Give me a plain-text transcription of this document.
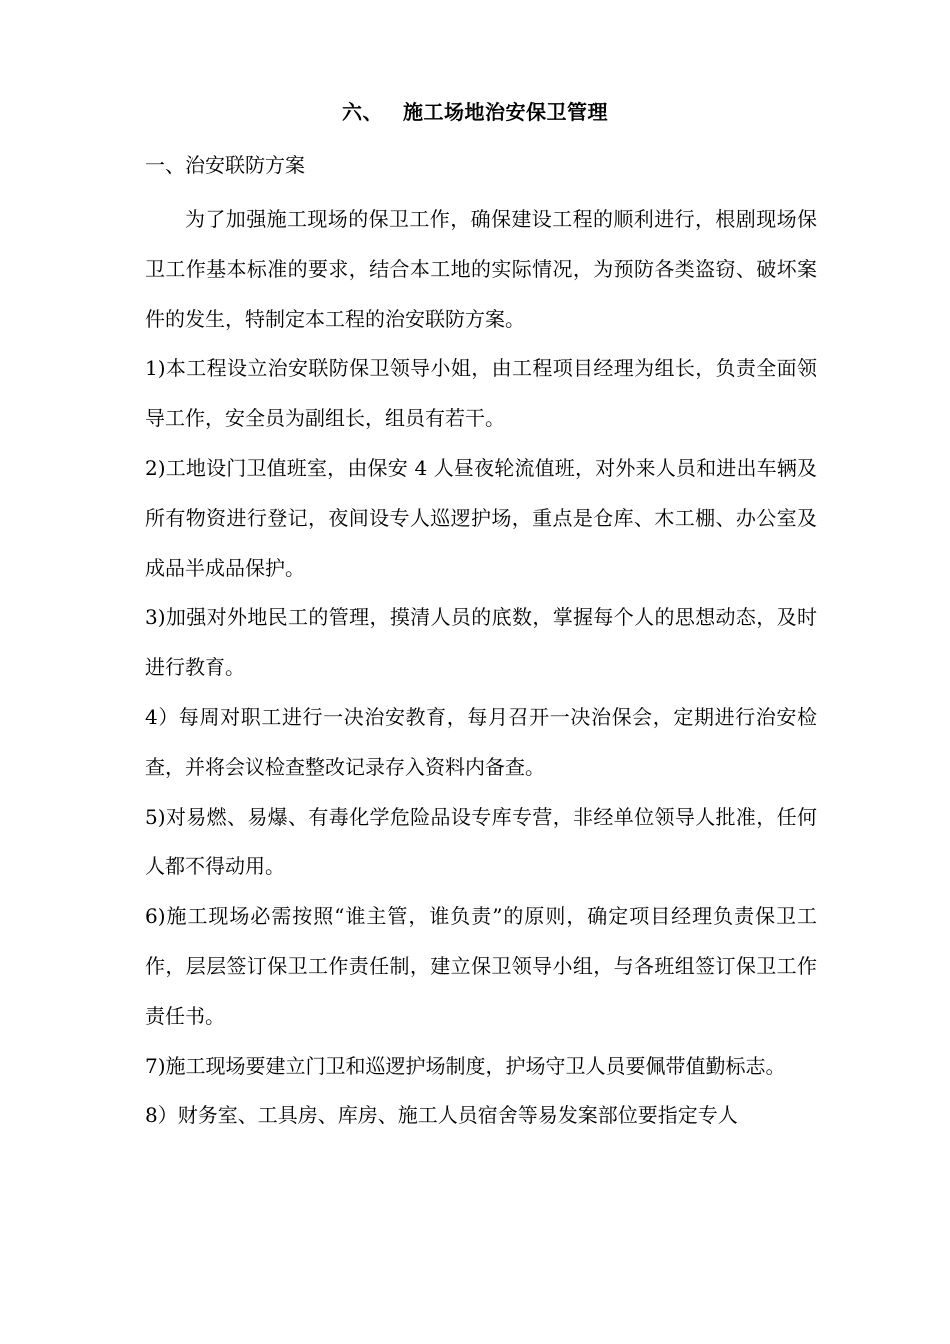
六、 施工场地治安保卫管理
一、治安联防方案

为了加强施工现场的保卫工作，确保建设工程的顺利进行，根剧现场保卫工作基本标准的要求，结合本工地的实际情况，为预防各类盗窃、破坏案件的发生，特制定本工程的治安联防方案。

1)本工程设立治安联防保卫领导小姐，由工程项目经理为组长，负责全面领导工作，安全员为副组长，组员有若干。

2)工地设门卫值班室，由保安 4 人昼夜轮流值班，对外来人员和进出车辆及所有物资进行登记，夜间设专人巡逻护场，重点是仓库、木工棚、办公室及成品半成品保护。

3)加强对外地民工的管理，摸清人员的底数，掌握每个人的思想动态，及时进行教育。

4）每周对职工进行一决治安教育，每月召开一决治保会，定期进行治安检查，并将会议检查整改记录存入资料内备查。

5)对易燃、易爆、有毒化学危险品设专库专营，非经单位领导人批准，任何人都不得动用。

6)施工现场必需按照“谁主管，谁负责”的原则，确定项目经理负责保卫工作，层层签订保卫工作责任制，建立保卫领导小组，与各班组签订保卫工作责任书。

7)施工现场要建立门卫和巡逻护场制度，护场守卫人员要佩带值勤标志。

8）财务室、工具房、库房、施工人员宿舍等易发案部位要指定专人
